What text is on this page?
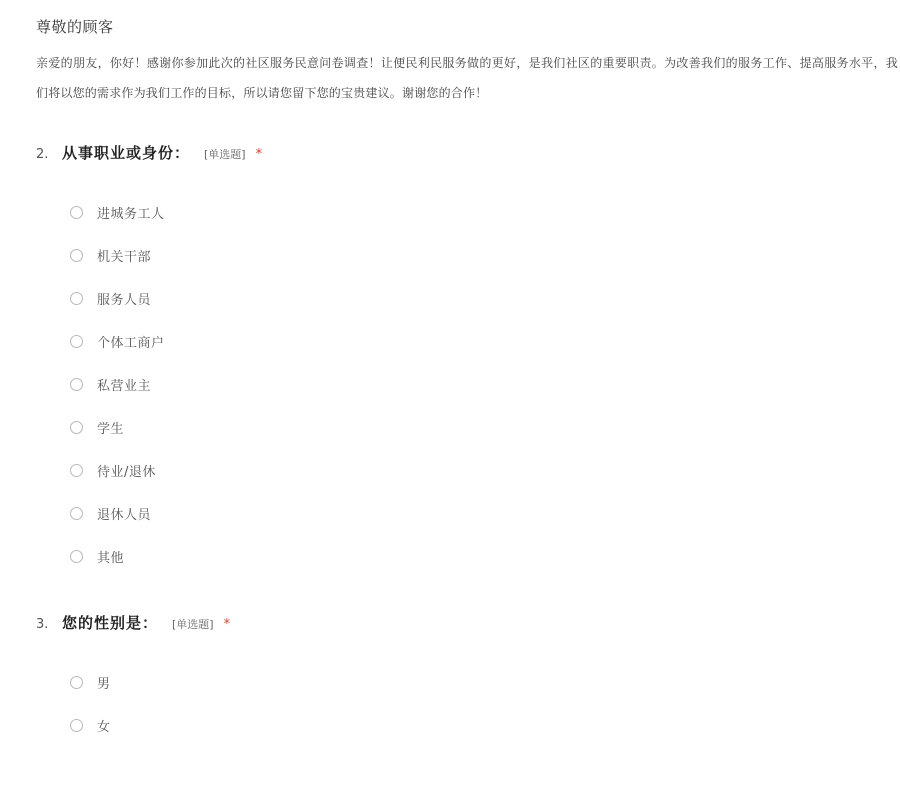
尊敬的顾客
亲爱的朋友，你好！感谢你参加此次的社区服务民意问卷调查！让便民利民服务做的更好，是我们社区的重要职责。为改善我们的服务工作、提高服务水平，我们将以您的需求作为我们工作的目标，所以请您留下您的宝贵建议。谢谢您的合作！
2. 从事职业或身份： [单选题] *
进城务工人
机关干部
服务人员
个体工商户
私营业主
学生
待业/退休
退休人员
其他
3. 您的性别是： [单选题] *
男
女
